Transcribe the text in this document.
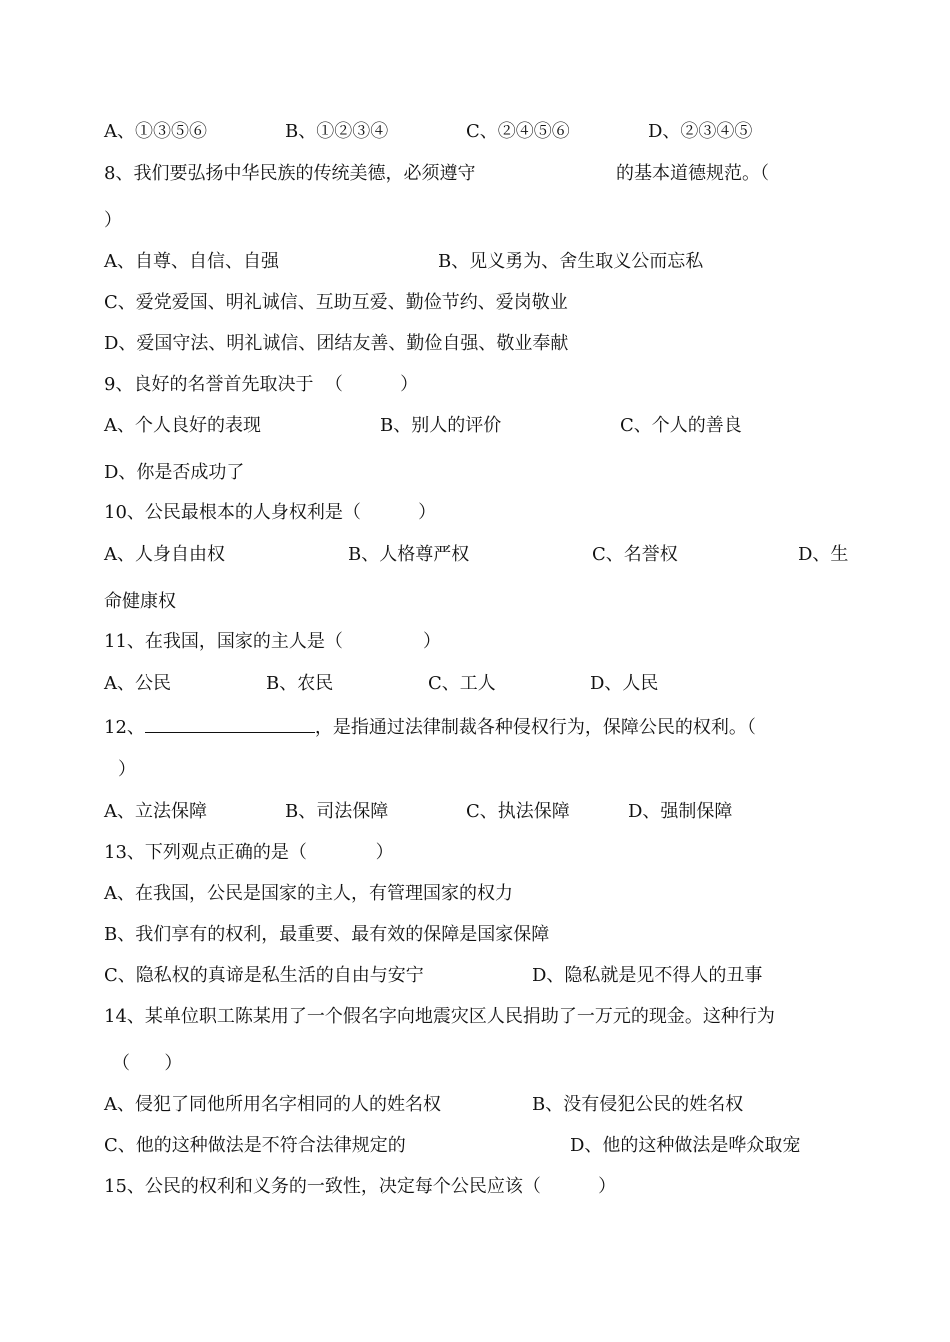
A、①③⑤⑥	B、①②③④	C、②④⑤⑥	D、②③④⑤
8、我们要弘扬中华民族的传统美德，必须遵守	的基本道德规范。（
）
A、自尊、自信、自强	B、见义勇为、舍生取义公而忘私
C、爱党爱国、明礼诚信、互助互爱、勤俭节约、爱岗敬业
D、爱国守法、明礼诚信、团结友善、勤俭自强、敬业奉献
9、良好的名誉首先取决于  （          ）
A、个人良好的表现	B、别人的评价	C、个人的善良
D、你是否成功了
10、公民最根本的人身权利是（          ）
A、人身自由权	B、人格尊严权	C、名誉权	D、生
命健康权
11、在我国，国家的主人是（              ）
A、公民	B、农民	C、工人	D、人民
12、	，是指通过法律制裁各种侵权行为，保障公民的权利。（
）
A、立法保障	B、司法保障	C、执法保障	D、强制保障
13、下列观点正确的是（            ）
A、在我国，公民是国家的主人，有管理国家的权力
B、我们享有的权利，最重要、最有效的保障是国家保障
C、隐私权的真谛是私生活的自由与安宁	D、隐私就是见不得人的丑事
14、某单位职工陈某用了一个假名字向地震灾区人民捐助了一万元的现金。这种行为
（      ）
A、侵犯了同他所用名字相同的人的姓名权	B、没有侵犯公民的姓名权
C、他的这种做法是不符合法律规定的	D、他的这种做法是哗众取宠
15、公民的权利和义务的一致性，决定每个公民应该（          ）
